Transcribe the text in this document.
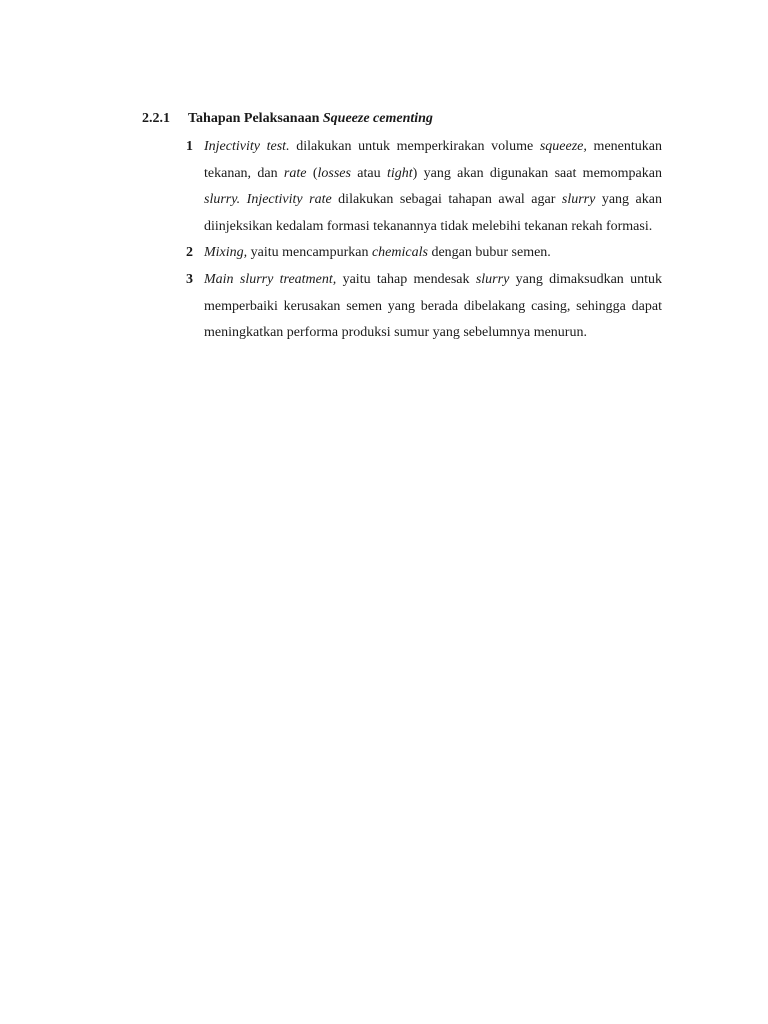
2.2.1 Tahapan Pelaksanaan Squeeze cementing
1 Injectivity test. dilakukan untuk memperkirakan volume squeeze, menentukan tekanan, dan rate (losses atau tight) yang akan digunakan saat memompakan slurry. Injectivity rate dilakukan sebagai tahapan awal agar slurry yang akan diinjeksikan kedalam formasi tekanannya tidak melebihi tekanan rekah formasi.
2 Mixing, yaitu mencampurkan chemicals dengan bubur semen.
3 Main slurry treatment, yaitu tahap mendesak slurry yang dimaksudkan untuk memperbaiki kerusakan semen yang berada dibelakang casing, sehingga dapat meningkatkan performa produksi sumur yang sebelumnya menurun.
